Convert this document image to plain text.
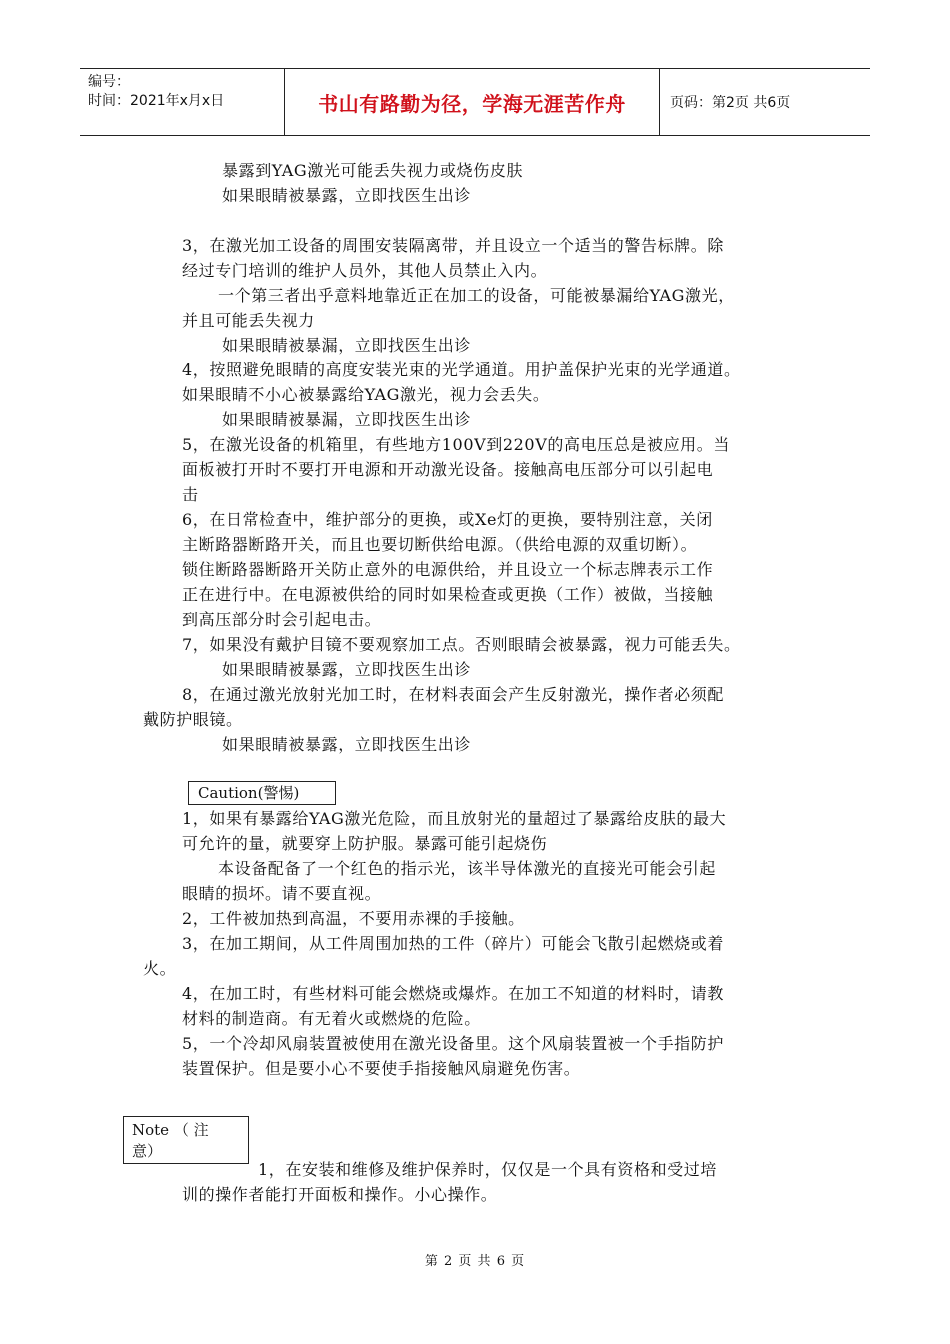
编号：
时间：2021年x月x日	书山有路勤为径，学海无涯苦作舟	页码：第2页 共6页
暴露到YAG激光可能丢失视力或烧伤皮肤
如果眼睛被暴露，立即找医生出诊
3，在激光加工设备的周围安装隔离带，并且设立一个适当的警告标牌。除
经过专门培训的维护人员外，其他人员禁止入内。
一个第三者出乎意料地靠近正在加工的设备，可能被暴漏给YAG激光，
并且可能丢失视力
如果眼睛被暴漏，立即找医生出诊
4，按照避免眼睛的高度安装光束的光学通道。用护盖保护光束的光学通道。
如果眼睛不小心被暴露给YAG激光，视力会丢失。
如果眼睛被暴漏，立即找医生出诊
5，在激光设备的机箱里，有些地方100V到220V的高电压总是被应用。当
面板被打开时不要打开电源和开动激光设备。接触高电压部分可以引起电
击
6，在日常检查中，维护部分的更换，或Xe灯的更换，要特别注意，关闭
主断路器断路开关，而且也要切断供给电源。（供给电源的双重切断）。
锁住断路器断路开关防止意外的电源供给，并且设立一个标志牌表示工作
正在进行中。在电源被供给的同时如果检查或更换（工作）被做，当接触
到高压部分时会引起电击。
7，如果没有戴护目镜不要观察加工点。否则眼睛会被暴露，视力可能丢失。
如果眼睛被暴露，立即找医生出诊
8，在通过激光放射光加工时，在材料表面会产生反射激光，操作者必须配
戴防护眼镜。
如果眼睛被暴露，立即找医生出诊
Caution(警惕)
1，如果有暴露给YAG激光危险，而且放射光的量超过了暴露给皮肤的最大
可允许的量，就要穿上防护服。暴露可能引起烧伤
本设备配备了一个红色的指示光，该半导体激光的直接光可能会引起
眼睛的损坏。请不要直视。
2，工件被加热到高温，不要用赤裸的手接触。
3，在加工期间，从工件周围加热的工件（碎片）可能会飞散引起燃烧或着
火。
4，在加工时，有些材料可能会燃烧或爆炸。在加工不知道的材料时，请教
材料的制造商。有无着火或燃烧的危险。
5，一个冷却风扇装置被使用在激光设备里。这个风扇装置被一个手指防护
装置保护。但是要小心不要使手指接触风扇避免伤害。
Note （ 注
意）
1，在安装和维修及维护保养时，仅仅是一个具有资格和受过培
训的操作者能打开面板和操作。小心操作。
第 2 页 共 6 页
